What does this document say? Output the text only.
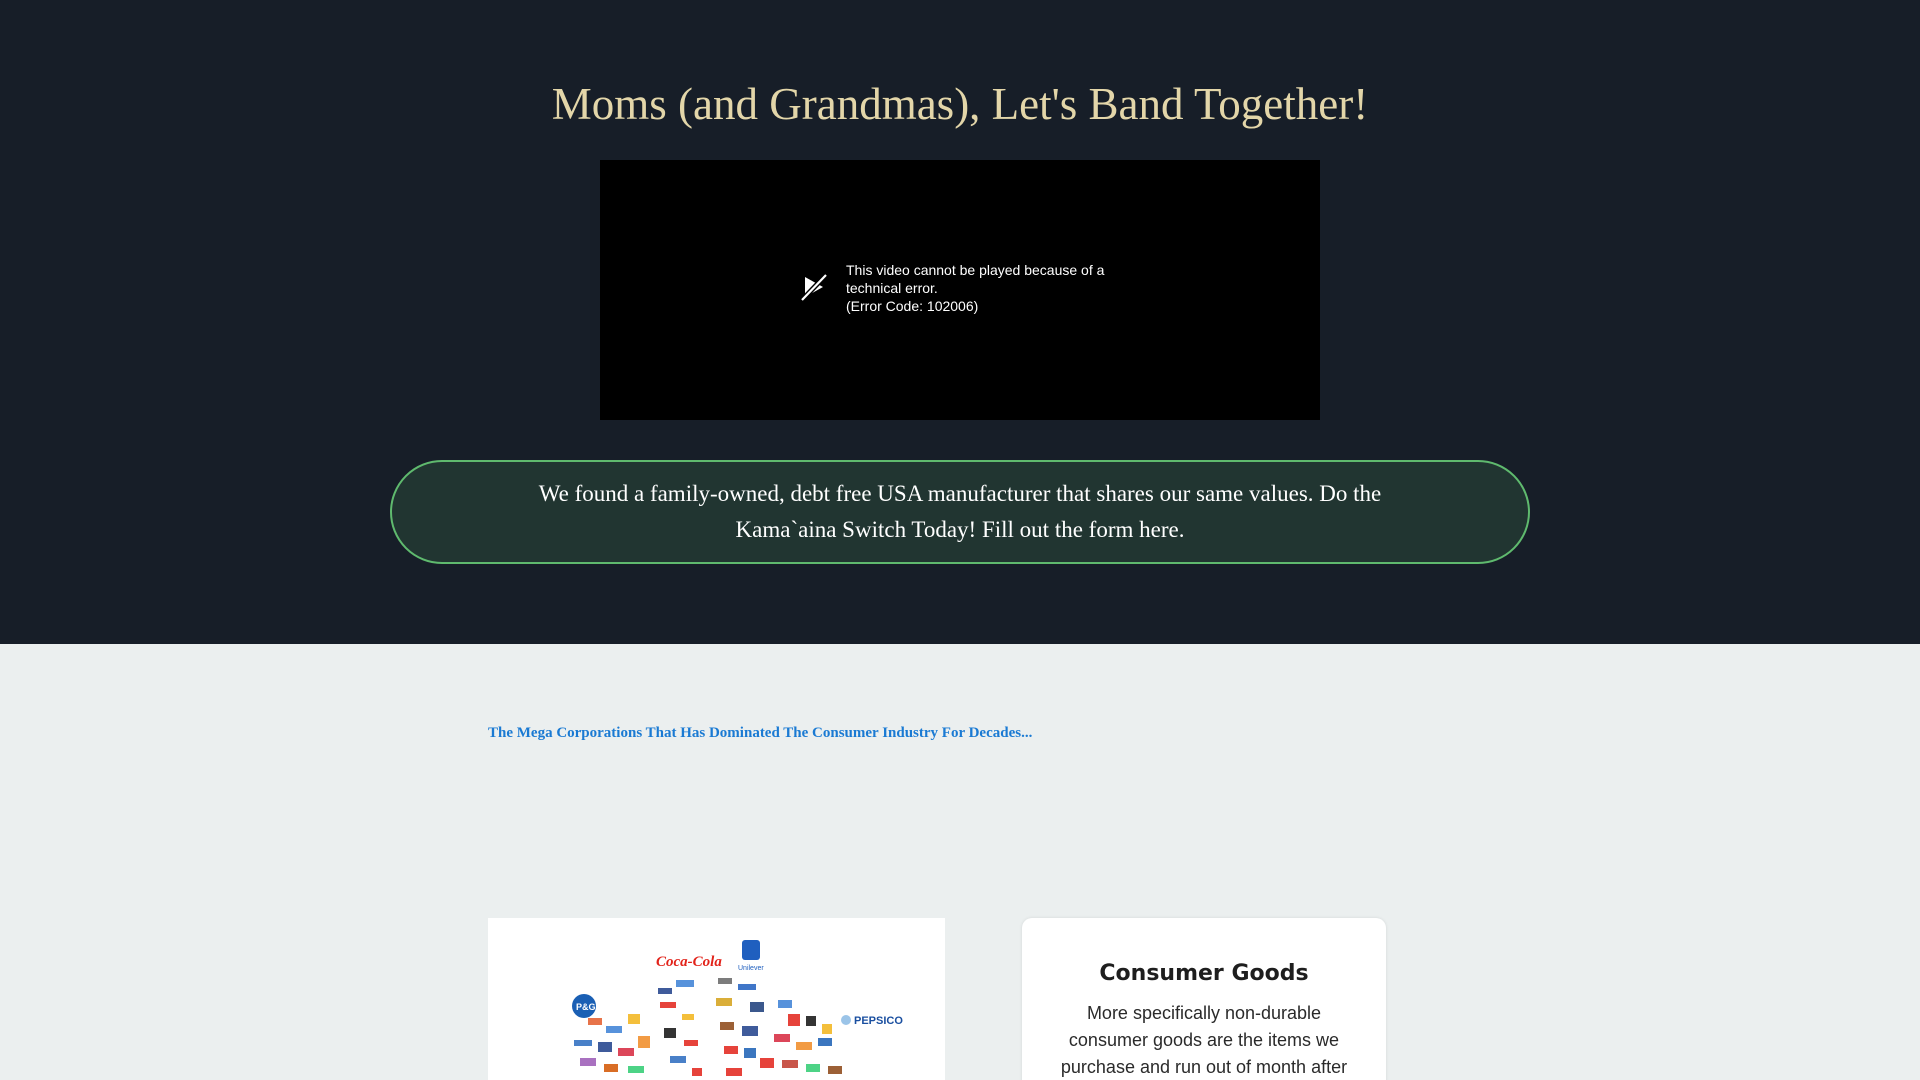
Moms (and Grandmas), Let's Band Together!
This video cannot be played because of a technical error.
(Error Code: 102006)
We found a family-owned, debt free USA manufacturer that shares our same values. Do the Kama`aina Switch Today! Fill out the form here.
The Mega Corporations That Has Dominated The Consumer Industry For Decades...
Coca-Cola Unilever
P&G
PEPSICO
Consumer Goods
More specifically non-durable consumer goods are the items we purchase and run out of month after
